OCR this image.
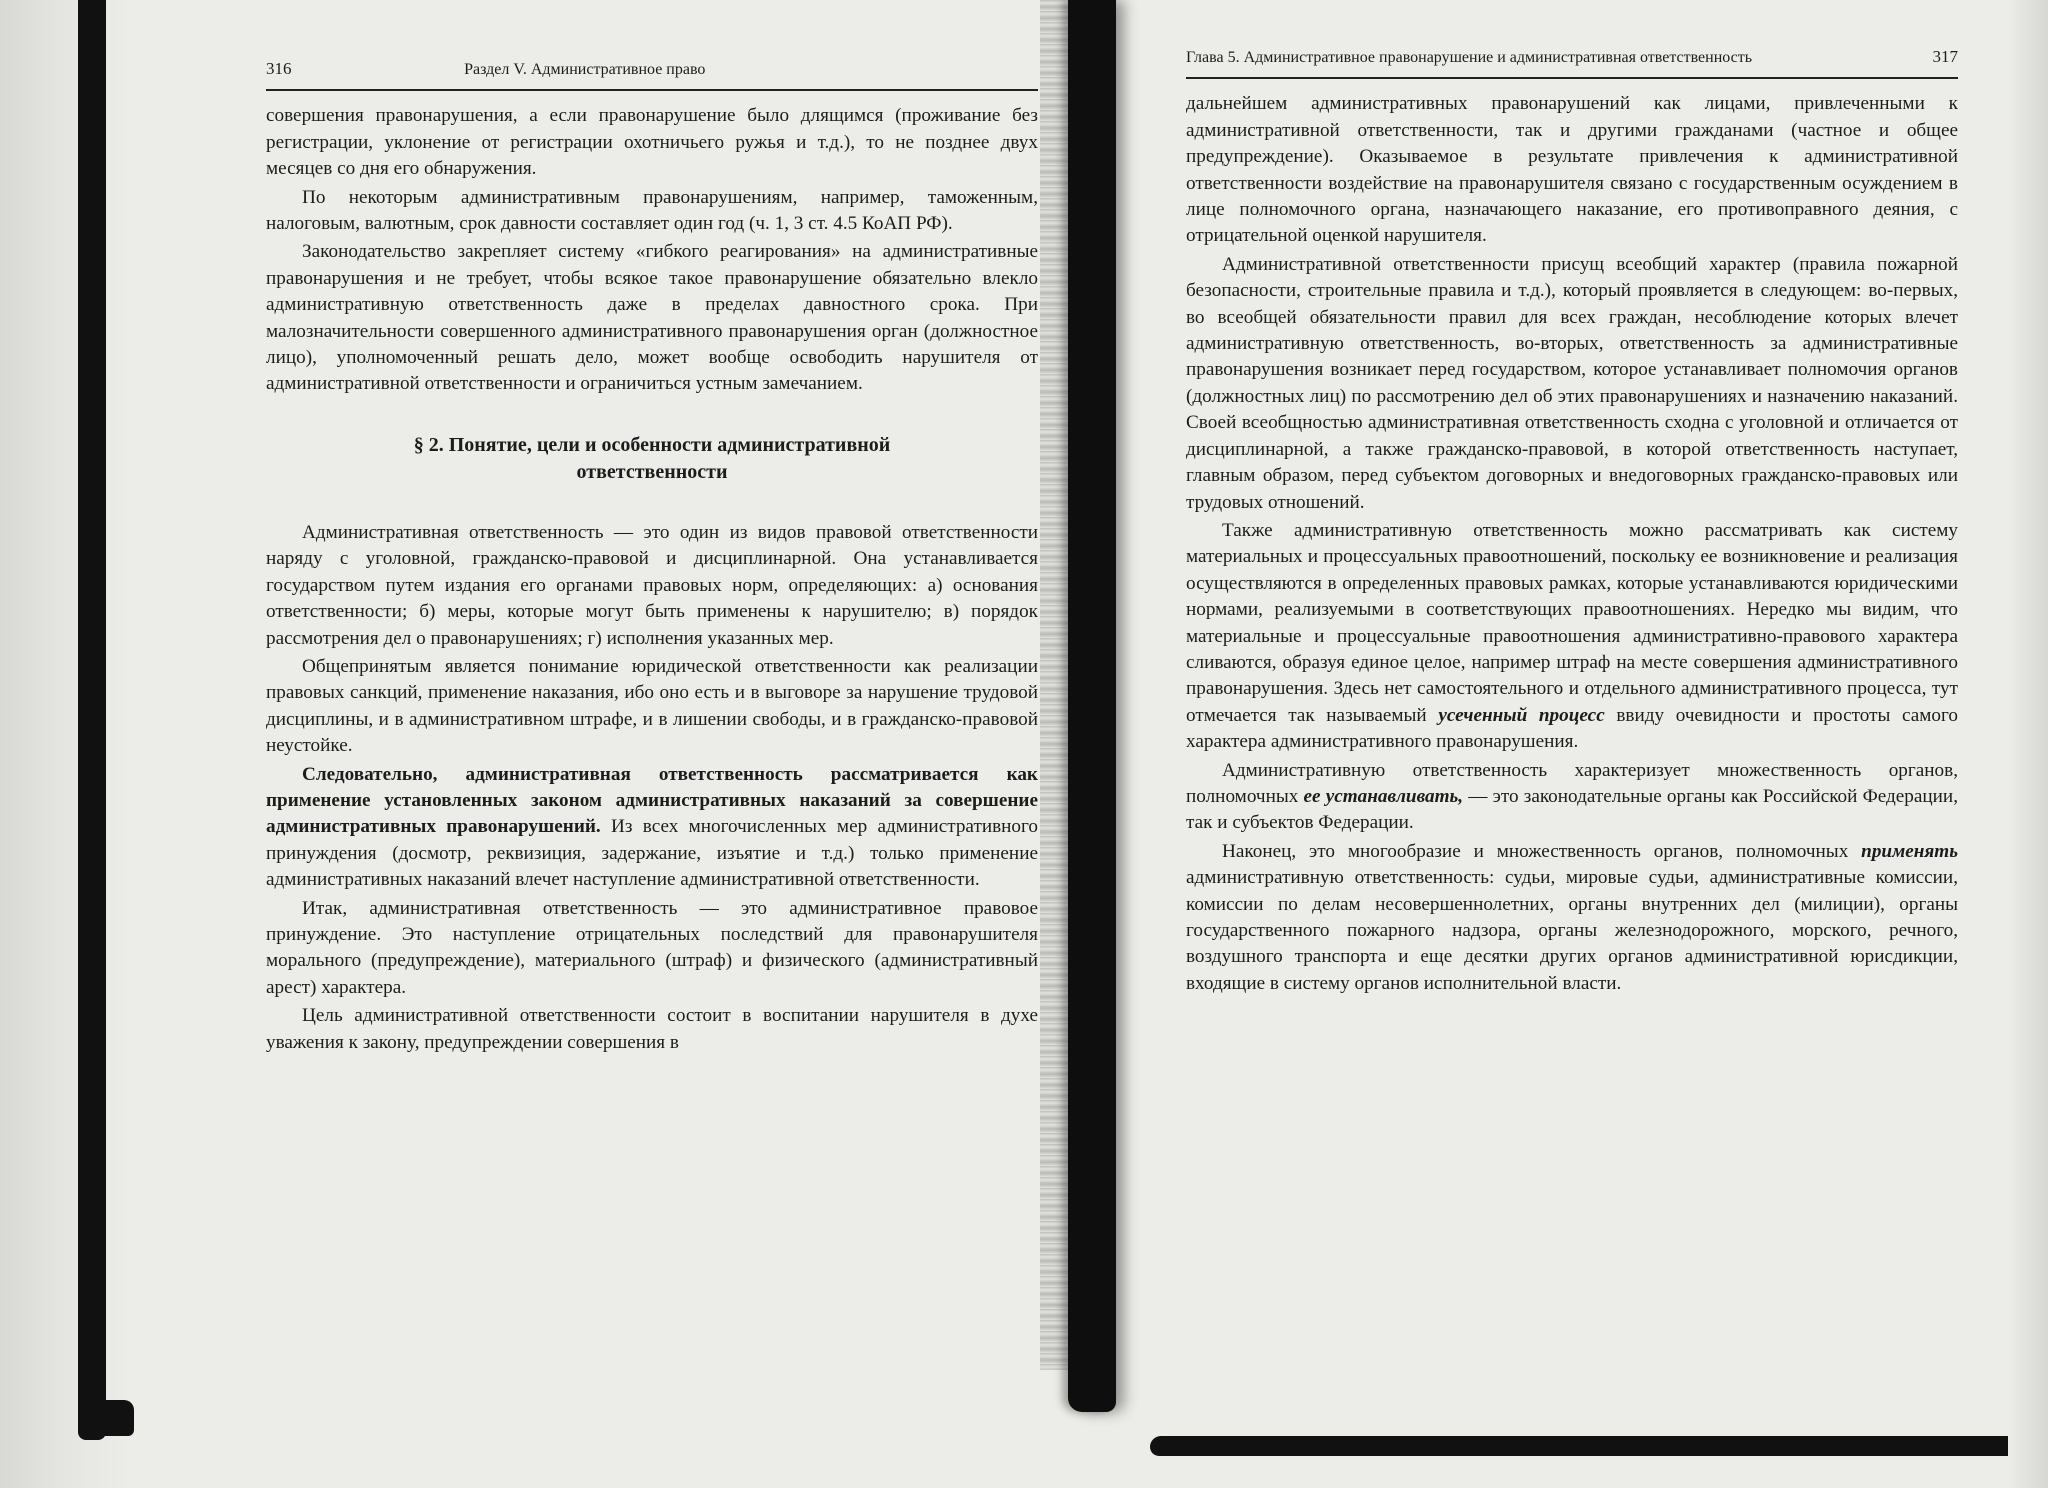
316	Раздел V. Административное право

совершения правонарушения, а если правонарушение было длящимся (проживание без регистрации, уклонение от регистрации охотничьего ружья и т.д.), то не позднее двух месяцев со дня его обнаружения.

По некоторым административным правонарушениям, например, таможенным, налоговым, валютным, срок давности составляет один год (ч. 1, 3 ст. 4.5 КоАП РФ).

Законодательство закрепляет систему «гибкого реагирования» на административные правонарушения и не требует, чтобы всякое такое правонарушение обязательно влекло административную ответственность даже в пределах давностного срока. При малозначительности совершенного административного правонарушения орган (должностное лицо), уполномоченный решать дело, может вообще освободить нарушителя от административной ответственности и ограничиться устным замечанием.

§ 2. Понятие, цели и особенности административной
ответственности

Административная ответственность — это один из видов правовой ответственности наряду с уголовной, гражданско-правовой и дисциплинарной. Она устанавливается государством путем издания его органами правовых норм, определяющих: а) основания ответственности; б) меры, которые могут быть применены к нарушителю; в) порядок рассмотрения дел о правонарушениях; г) исполнения указанных мер.

Общепринятым является понимание юридической ответственности как реализации правовых санкций, применение наказания, ибо оно есть и в выговоре за нарушение трудовой дисциплины, и в административном штрафе, и в лишении свободы, и в гражданско-правовой неустойке.

Следовательно, административная ответственность рассматривается как применение установленных законом административных наказаний за совершение административных правонарушений. Из всех многочисленных мер административного принуждения (досмотр, реквизиция, задержание, изъятие и т.д.) только применение административных наказаний влечет наступление административной ответственности.

Итак, административная ответственность — это административное правовое принуждение. Это наступление отрицательных последствий для правонарушителя морального (предупреждение), материального (штраф) и физического (административный арест) характера.

Цель административной ответственности состоит в воспитании нарушителя в духе уважения к закону, предупреждении совершения в

Глава 5. Административное правонарушение и административная ответственность	317

дальнейшем административных правонарушений как лицами, привлеченными к административной ответственности, так и другими гражданами (частное и общее предупреждение). Оказываемое в результате привлечения к административной ответственности воздействие на правонарушителя связано с государственным осуждением в лице полномочного органа, назначающего наказание, его противоправного деяния, с отрицательной оценкой нарушителя.

Административной ответственности присущ всеобщий характер (правила пожарной безопасности, строительные правила и т.д.), который проявляется в следующем: во-первых, во всеобщей обязательности правил для всех граждан, несоблюдение которых влечет административную ответственность, во-вторых, ответственность за административные правонарушения возникает перед государством, которое устанавливает полномочия органов (должностных лиц) по рассмотрению дел об этих правонарушениях и назначению наказаний. Своей всеобщностью административная ответственность сходна с уголовной и отличается от дисциплинарной, а также гражданско-правовой, в которой ответственность наступает, главным образом, перед субъектом договорных и внедоговорных гражданско-правовых или трудовых отношений.

Также административную ответственность можно рассматривать как систему материальных и процессуальных правоотношений, поскольку ее возникновение и реализация осуществляются в определенных правовых рамках, которые устанавливаются юридическими нормами, реализуемыми в соответствующих правоотношениях. Нередко мы видим, что материальные и процессуальные правоотношения административно-правового характера сливаются, образуя единое целое, например штраф на месте совершения административного правонарушения. Здесь нет самостоятельного и отдельного административного процесса, тут отмечается так называемый усеченный процесс ввиду очевидности и простоты самого характера административного правонарушения.

Административную ответственность характеризует множественность органов, полномочных ее устанавливать, — это законодательные органы как Российской Федерации, так и субъектов Федерации.

Наконец, это многообразие и множественность органов, полномочных применять административную ответственность: судьи, мировые судьи, административные комиссии, комиссии по делам несовершеннолетних, органы внутренних дел (милиции), органы государственного пожарного надзора, органы железнодорожного, морского, речного, воздушного транспорта и еще десятки других органов административной юрисдикции, входящие в систему органов исполнительной власти.
